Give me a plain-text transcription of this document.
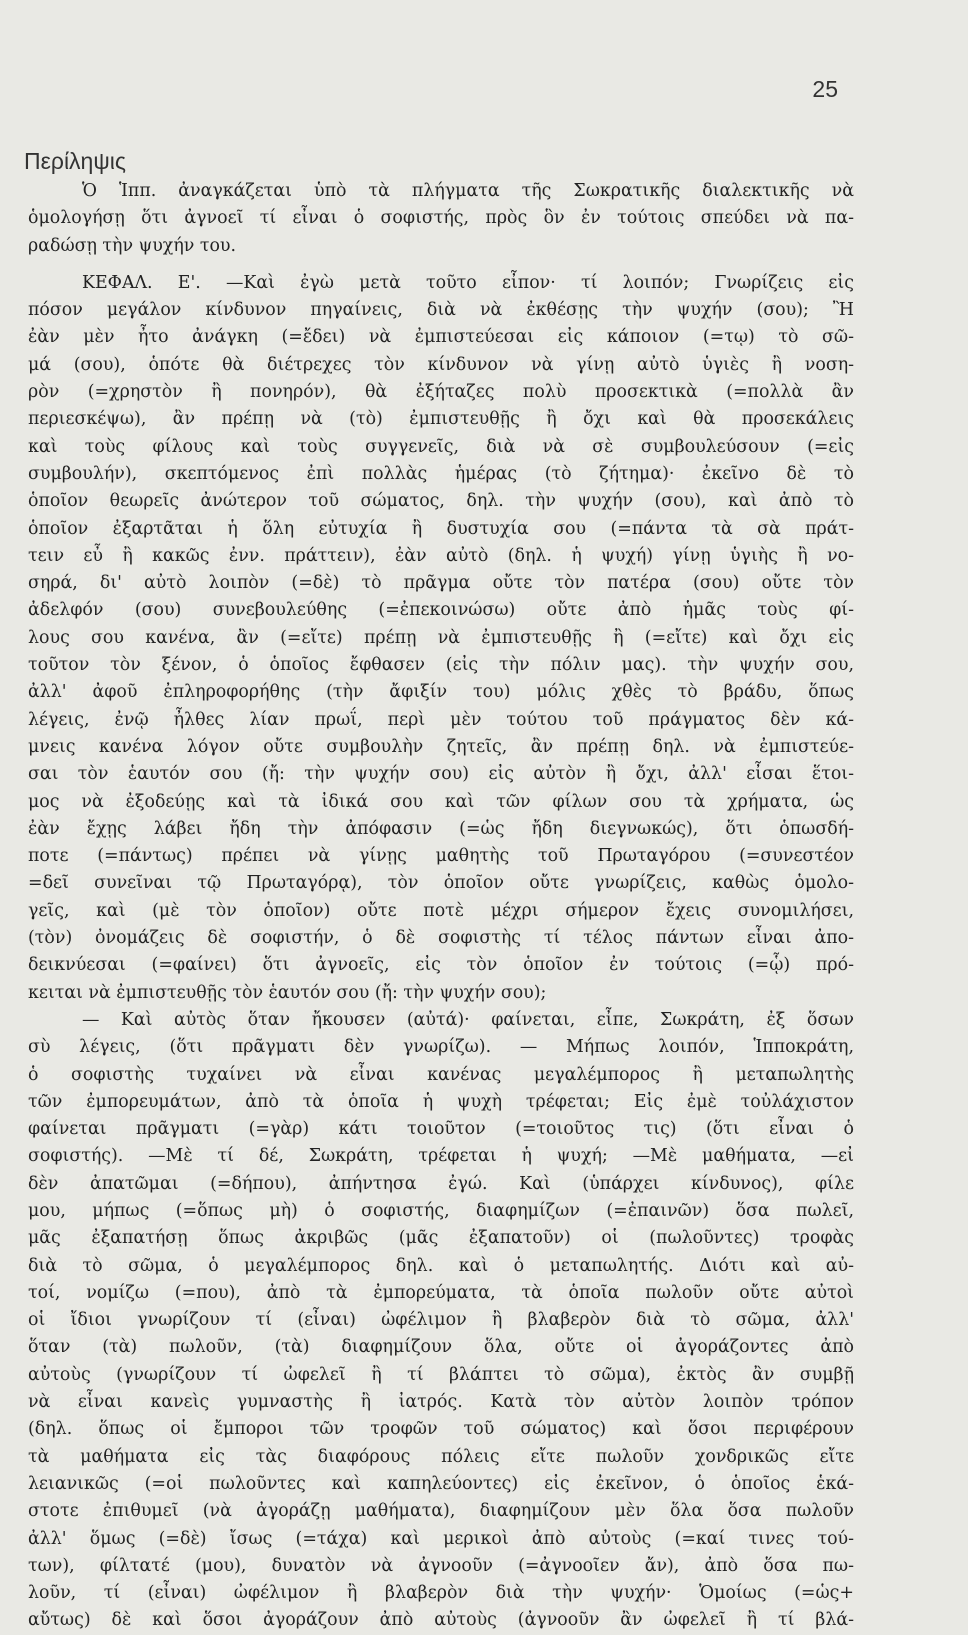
25
Περίληψις
Ὁ Ἱππ. ἀναγκάζεται ὑπὸ τὰ πλήγματα τῆς Σωκρατικῆς διαλεκτικῆς νὰ
ὁμολογήσῃ ὅτι ἀγνοεῖ τί εἶναι ὁ σοφιστής, πρὸς ὃν ἐν τούτοις σπεύδει νὰ πα-
ραδώσῃ τὴν ψυχήν του.
ΚΕΦΑΛ. Ε'. —Καὶ ἐγὼ μετὰ τοῦτο εἶπον· τί λοιπόν; Γνωρίζεις εἰς
πόσον μεγάλον κίνδυνον πηγαίνεις, διὰ νὰ ἐκθέσῃς τὴν ψυχήν (σου); Ἢ
ἐὰν μὲν ἦτο ἀνάγκη (=ἔδει) νὰ ἐμπιστεύεσαι εἰς κάποιον (=τῳ) τὸ σῶ-
μά (σου), ὁπότε θὰ διέτρεχες τὸν κίνδυνον νὰ γίνῃ αὐτὸ ὑγιὲς ἢ νοση-
ρὸν (=χρηστὸν ἢ πονηρόν), θὰ ἐξήταζες πολὺ προσεκτικὰ (=πολλὰ ἂν
περιεσκέψω), ἂν πρέπῃ νὰ (τὸ) ἐμπιστευθῇς ἢ ὄχι καὶ θὰ προσεκάλεις
καὶ τοὺς φίλους καὶ τοὺς συγγενεῖς, διὰ νὰ σὲ συμβουλεύσουν (=εἰς
συμβουλήν), σκεπτόμενος ἐπὶ πολλὰς ἡμέρας (τὸ ζήτημα)· ἐκεῖνο δὲ τὸ
ὁποῖον θεωρεῖς ἀνώτερον τοῦ σώματος, δηλ. τὴν ψυχήν (σου), καὶ ἀπὸ τὸ
ὁποῖον ἐξαρτᾶται ἡ ὅλη εὐτυχία ἢ δυστυχία σου (=πάντα τὰ σὰ πράτ-
τειν εὖ ἢ κακῶς ἐνν. πράττειν), ἐὰν αὐτὸ (δηλ. ἡ ψυχή) γίνῃ ὑγιὴς ἢ νο-
σηρά, δι' αὐτὸ λοιπὸν (=δὲ) τὸ πρᾶγμα οὔτε τὸν πατέρα (σου) οὔτε τὸν
ἀδελφόν (σου) συνεβουλεύθης (=ἐπεκοινώσω) οὔτε ἀπὸ ἡμᾶς τοὺς φί-
λους σου κανένα, ἂν (=εἴτε) πρέπῃ νὰ ἐμπιστευθῇς ἢ (=εἴτε) καὶ ὄχι εἰς
τοῦτον τὸν ξένον, ὁ ὁποῖος ἔφθασεν (εἰς τὴν πόλιν μας). τὴν ψυχήν σου,
ἀλλ' ἀφοῦ ἐπληροφορήθης (τὴν ἄφιξίν του) μόλις χθὲς τὸ βράδυ, ὅπως
λέγεις, ἐνῷ ἦλθες λίαν πρωΐ, περὶ μὲν τούτου τοῦ πράγματος δὲν κά-
μνεις κανένα λόγον οὔτε συμβουλὴν ζητεῖς, ἂν πρέπῃ δηλ. νὰ ἐμπιστεύε-
σαι τὸν ἑαυτόν σου (ἤ: τὴν ψυχήν σου) εἰς αὐτὸν ἢ ὄχι, ἀλλ' εἶσαι ἕτοι-
μος νὰ ἐξοδεύῃς καὶ τὰ ἰδικά σου καὶ τῶν φίλων σου τὰ χρήματα, ὡς
ἐὰν ἔχῃς λάβει ἤδη τὴν ἀπόφασιν (=ὡς ἤδη διεγνωκώς), ὅτι ὁπωσδή-
ποτε (=πάντως) πρέπει νὰ γίνῃς μαθητὴς τοῦ Πρωταγόρου (=συνεστέον
=δεῖ συνεῖναι τῷ Πρωταγόρᾳ), τὸν ὁποῖον οὔτε γνωρίζεις, καθὼς ὁμολο-
γεῖς, καὶ (μὲ τὸν ὁποῖον) οὔτε ποτὲ μέχρι σήμερον ἔχεις συνομιλήσει,
(τὸν) ὀνομάζεις δὲ σοφιστήν, ὁ δὲ σοφιστὴς τί τέλος πάντων εἶναι ἀπο-
δεικνύεσαι (=φαίνει) ὅτι ἀγνοεῖς, εἰς τὸν ὁποῖον ἐν τούτοις (=ᾧ) πρό-
κειται νὰ ἐμπιστευθῇς τὸν ἑαυτόν σου (ἤ: τὴν ψυχήν σου);
— Καὶ αὐτὸς ὅταν ἤκουσεν (αὐτά)· φαίνεται, εἶπε, Σωκράτη, ἐξ ὅσων
σὺ λέγεις, (ὅτι πρᾶγματι δὲν γνωρίζω). — Μήπως λοιπόν, Ἱπποκράτη,
ὁ σοφιστὴς τυχαίνει νὰ εἶναι κανένας μεγαλέμπορος ἢ μεταπωλητὴς
τῶν ἐμπορευμάτων, ἀπὸ τὰ ὁποῖα ἡ ψυχὴ τρέφεται; Εἰς ἐμὲ τοὐλάχιστον
φαίνεται πρᾶγματι (=γὰρ) κάτι τοιοῦτον (=τοιοῦτος τις) (ὅτι εἶναι ὁ
σοφιστής). —Μὲ τί δέ, Σωκράτη, τρέφεται ἡ ψυχή; —Μὲ μαθήματα, —εἰ
δὲν ἀπατῶμαι (=δήπου), ἀπήντησα ἐγώ. Καὶ (ὑπάρχει κίνδυνος), φίλε
μου, μήπως (=ὅπως μὴ) ὁ σοφιστής, διαφημίζων (=ἐπαινῶν) ὅσα πωλεῖ,
μᾶς ἐξαπατήσῃ ὅπως ἀκριβῶς (μᾶς ἐξαπατοῦν) οἱ (πωλοῦντες) τροφὰς
διὰ τὸ σῶμα, ὁ μεγαλέμπορος δηλ. καὶ ὁ μεταπωλητής. Διότι καὶ αὐ-
τοί, νομίζω (=που), ἀπὸ τὰ ἐμπορεύματα, τὰ ὁποῖα πωλοῦν οὔτε αὐτοὶ
οἱ ἴδιοι γνωρίζουν τί (εἶναι) ὠφέλιμον ἢ βλαβερὸν διὰ τὸ σῶμα, ἀλλ'
ὅταν (τὰ) πωλοῦν, (τὰ) διαφημίζουν ὅλα, οὔτε οἱ ἀγοράζοντες ἀπὸ
αὐτοὺς (γνωρίζουν τί ὠφελεῖ ἢ τί βλάπτει τὸ σῶμα), ἐκτὸς ἂν συμβῇ
νὰ εἶναι κανεὶς γυμναστὴς ἢ ἰατρός. Κατὰ τὸν αὐτὸν λοιπὸν τρόπον
(δηλ. ὅπως οἱ ἔμποροι τῶν τροφῶν τοῦ σώματος) καὶ ὅσοι περιφέρουν
τὰ μαθήματα εἰς τὰς διαφόρους πόλεις εἴτε πωλοῦν χονδρικῶς εἴτε
λειανικῶς (=οἱ πωλοῦντες καὶ καπηλεύοντες) εἰς ἐκεῖνον, ὁ ὁποῖος ἑκά-
στοτε ἐπιθυμεῖ (νὰ ἀγοράζῃ μαθήματα), διαφημίζουν μὲν ὅλα ὅσα πωλοῦν
ἀλλ' ὅμως (=δὲ) ἴσως (=τάχα) καὶ μερικοὶ ἀπὸ αὐτοὺς (=καί τινες τού-
των), φίλτατέ (μου), δυνατὸν νὰ ἀγνοοῦν (=ἀγνοοῖεν ἄν), ἀπὸ ὅσα πω-
λοῦν, τί (εἶναι) ὠφέλιμον ἢ βλαβερὸν διὰ τὴν ψυχήν· Ὁμοίως (=ὡς+
αὔτως) δὲ καὶ ὅσοι ἀγοράζουν ἀπὸ αὐτοὺς (ἀγνοοῦν ἂν ὠφελεῖ ἢ τί βλά-
